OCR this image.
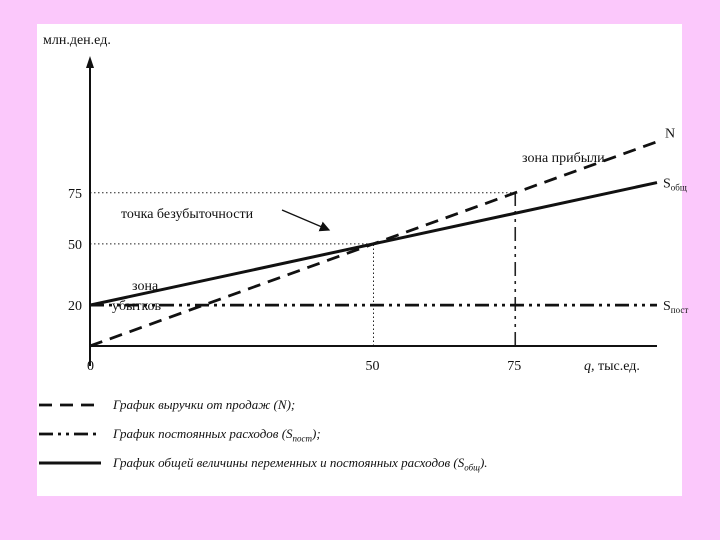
млн.ден.ед.
0	q, тыс.ед.
20
50
75
50	75
N
$S_{общ}$
$S_{пост}$
зона прибыли
точка безубыточности
зона
убытков
График выручки от продаж (N);
График постоянных расходов $(S_{пост})$;
График общей величины переменных и постоянных расходов $(S_{общ})$.
